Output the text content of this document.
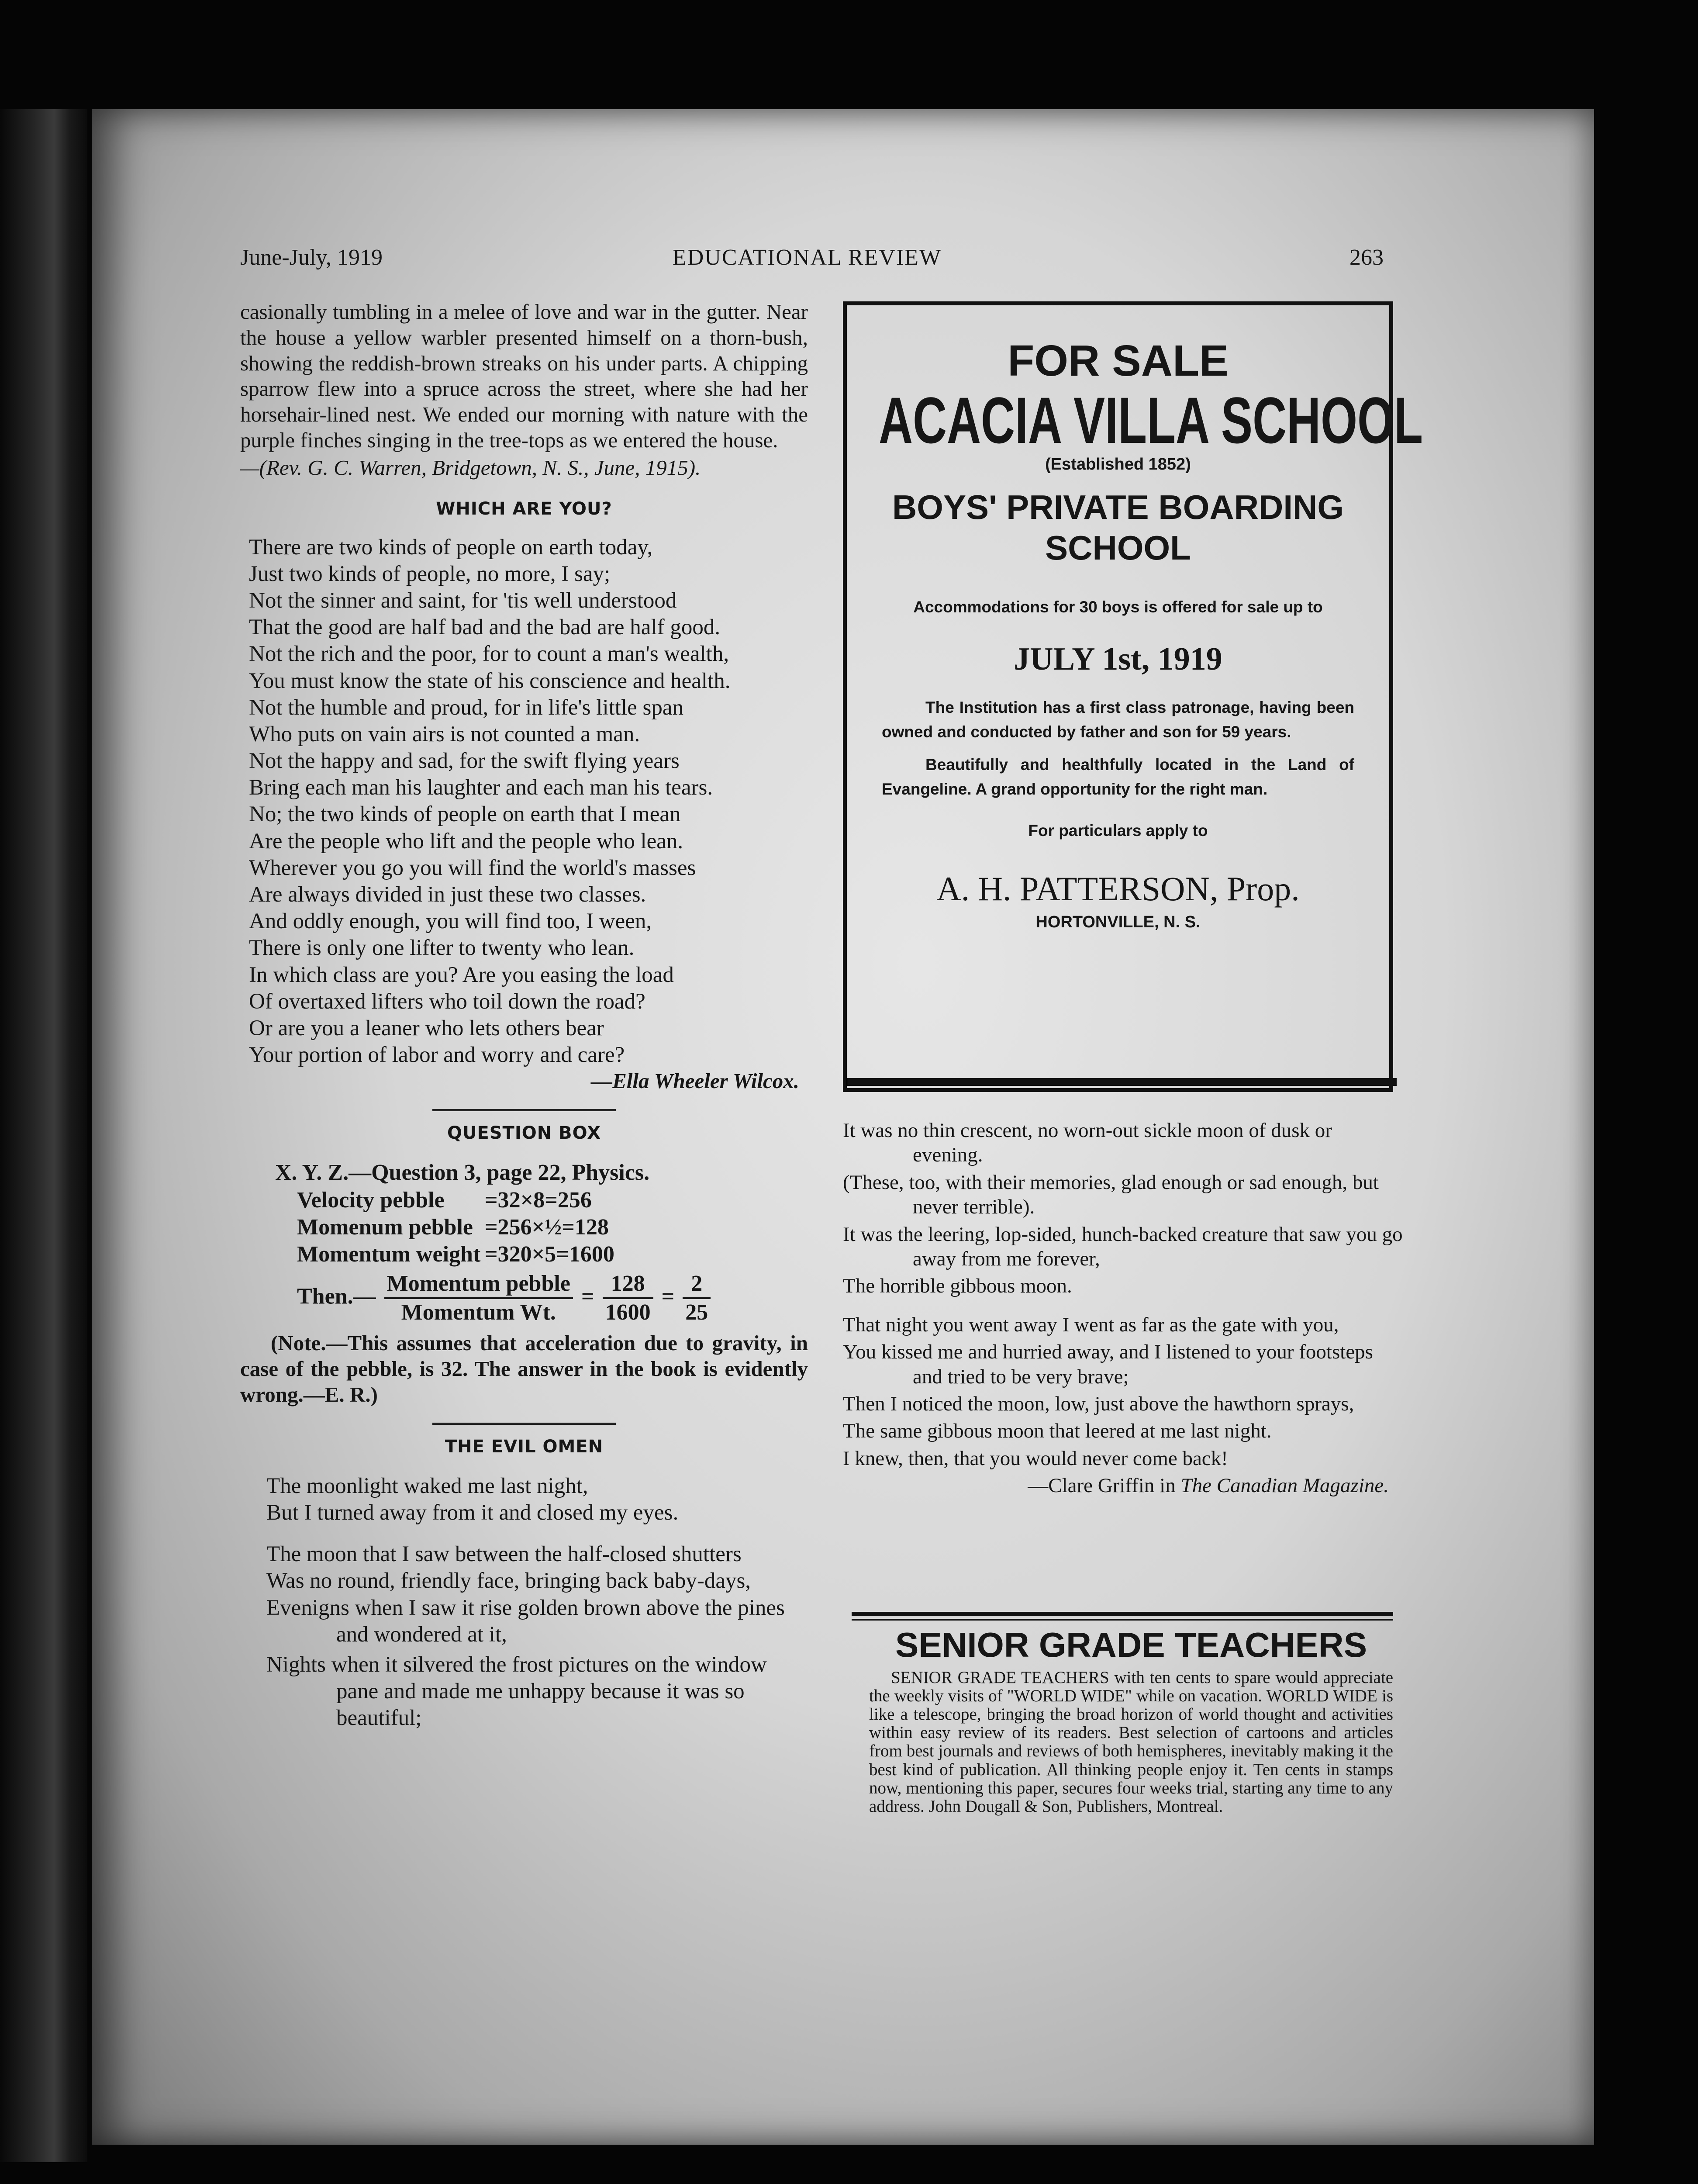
June-July, 1919	EDUCATIONAL REVIEW	263

casionally tumbling in a melee of love and war in the gutter. Near the house a yellow warbler presented himself on a thorn-bush, showing the reddish-brown streaks on his under parts. A chipping sparrow flew into a spruce across the street, where she had her horsehair-lined nest. We ended our morning with nature with the purple finches singing in the tree-tops as we entered the house.

—(Rev. G. C. Warren, Bridgetown, N. S., June, 1915).
WHICH ARE YOU?
There are two kinds of people on earth today,
Just two kinds of people, no more, I say;
Not the sinner and saint, for 'tis well understood
That the good are half bad and the bad are half good.
Not the rich and the poor, for to count a man's wealth,
You must know the state of his conscience and health.
Not the humble and proud, for in life's little span
Who puts on vain airs is not counted a man.
Not the happy and sad, for the swift flying years
Bring each man his laughter and each man his tears.
No; the two kinds of people on earth that I mean
Are the people who lift and the people who lean.
Wherever you go you will find the world's masses
Are always divided in just these two classes.
And oddly enough, you will find too, I ween,
There is only one lifter to twenty who lean.
In which class are you? Are you easing the load
Of overtaxed lifters who toil down the road?
Or are you a leaner who lets others bear
Your portion of labor and worry and care?
—Ella Wheeler Wilcox.
QUESTION BOX
X. Y. Z.—Question 3, page 22, Physics.
Velocity pebble =32×8=256
Momenum pebble =256×½=128
Momentum weight =320×5=1600
Then.— $\frac{\text{Momentum pebble}}{\text{Momentum Wt.}} = \frac{128}{1600} = \frac{2}{25}$

(Note.—This assumes that acceleration due to gravity, in case of the pebble, is 32. The answer in the book is evidently wrong.—E. R.)

THE EVIL OMEN
The moonlight waked me last night,
But I turned away from it and closed my eyes.
The moon that I saw between the half-closed shutters
Was no round, friendly face, bringing back baby-days,
Evenigns when I saw it rise golden brown above the pines and wondered at it,
Nights when it silvered the frost pictures on the window pane and made me unhappy because it was so beautiful;
FOR SALE
ACACIA VILLA SCHOOL
(Established 1852)
BOYS' PRIVATE BOARDING SCHOOL
Accommodations for 30 boys is offered for sale up to
JULY 1st, 1919
The Institution has a first class patronage, having been owned and conducted by father and son for 59 years.
Beautifully and healthfully located in the Land of Evangeline. A grand opportunity for the right man.
For particulars apply to
A. H. PATTERSON, Prop.
HORTONVILLE, N. S.
It was no thin crescent, no worn-out sickle moon of dusk or evening.
(These, too, with their memories, glad enough or sad enough, but never terrible).
It was the leering, lop-sided, hunch-backed creature that saw you go away from me forever,
The horrible gibbous moon.
That night you went away I went as far as the gate with you,
You kissed me and hurried away, and I listened to your footsteps and tried to be very brave;
Then I noticed the moon, low, just above the hawthorn sprays,
The same gibbous moon that leered at me last night.
I knew, then, that you would never come back!
—Clare Griffin in The Canadian Magazine.
SENIOR GRADE TEACHERS

SENIOR GRADE TEACHERS with ten cents to spare would appreciate the weekly visits of "WORLD WIDE" while on vacation. WORLD WIDE is like a telescope, bringing the broad horizon of world thought and activities within easy review of its readers. Best selection of cartoons and articles from best journals and reviews of both hemispheres, inevitably making it the best kind of publication. All thinking people enjoy it. Ten cents in stamps now, mentioning this paper, secures four weeks trial, starting any time to any address. John Dougall & Son, Publishers, Montreal.
